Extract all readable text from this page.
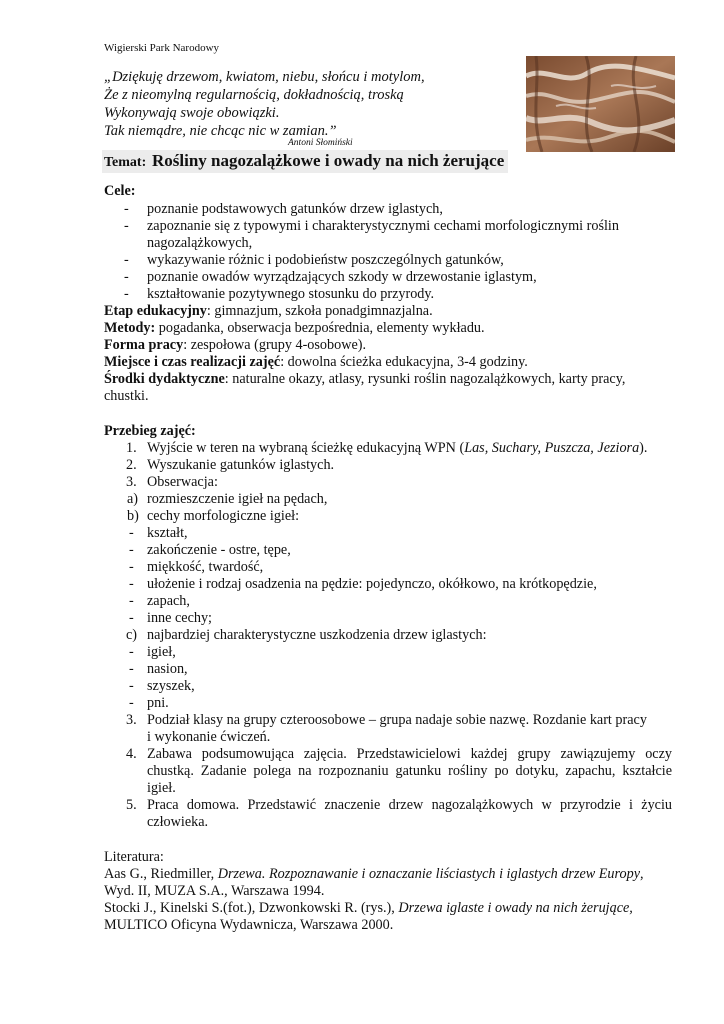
Wigierski Park Narodowy
„Dziękuję drzewom, kwiatom, niebu, słońcu i motylom,
Że z nieomylną regularnością, dokładnością, troską
Wykonywają swoje obowiązki.
Tak niemądre, nie chcąc nic w zamian.”
Antoni Słomiński
Temat: Rośliny nagozalążkowe i owady na nich żerujące
Cele:
- poznanie podstawowych gatunków drzew iglastych,
- zapoznanie się z typowymi i charakterystycznymi cechami morfologicznymi roślin
nagozalążkowych,
- wykazywanie różnic i podobieństw poszczególnych gatunków,
- poznanie owadów wyrządzających szkody w drzewostanie iglastym,
- kształtowanie pozytywnego stosunku do przyrody.
Etap edukacyjny: gimnazjum, szkoła ponadgimnazjalna.
Metody: pogadanka, obserwacja bezpośrednia, elementy wykładu.
Forma pracy: zespołowa (grupy 4-osobowe).
Miejsce i czas realizacji zajęć: dowolna ścieżka edukacyjna, 3-4 godziny.
Środki dydaktyczne: naturalne okazy, atlasy, rysunki roślin nagozalążkowych, karty pracy,
chustki.
Przebieg zajęć:
1. Wyjście w teren na wybraną ścieżkę edukacyjną WPN (Las, Suchary, Puszcza, Jeziora).
2. Wyszukanie gatunków iglastych.
3. Obserwacja:
a) rozmieszczenie igieł na pędach,
b) cechy morfologiczne igieł:
- kształt,
- zakończenie - ostre, tępe,
- miękkość, twardość,
- ułożenie i rodzaj osadzenia na pędzie: pojedynczo, okółkowo, na krótkopędzie,
- zapach,
- inne cechy;
c) najbardziej charakterystyczne uszkodzenia drzew iglastych:
- igieł,
- nasion,
- szyszek,
- pni.
3. Podział klasy na grupy czteroosobowe – grupa nadaje sobie nazwę. Rozdanie kart pracy
i wykonanie ćwiczeń.
4. Zabawa podsumowująca zajęcia. Przedstawicielowi każdej grupy zawiązujemy oczy
chustką. Zadanie polega na rozpoznaniu gatunku rośliny po dotyku, zapachu, kształcie
igieł.
5. Praca domowa. Przedstawić znaczenie drzew nagozalążkowych w przyrodzie i życiu
człowieka.
Literatura:
Aas G., Riedmiller, Drzewa. Rozpoznawanie i oznaczanie liściastych i iglastych drzew Europy,
Wyd. II, MUZA S.A., Warszawa 1994.
Stocki J., Kinelski S.(fot.), Dzwonkowski R. (rys.), Drzewa iglaste i owady na nich żerujące,
MULTICO Oficyna Wydawnicza, Warszawa 2000.
